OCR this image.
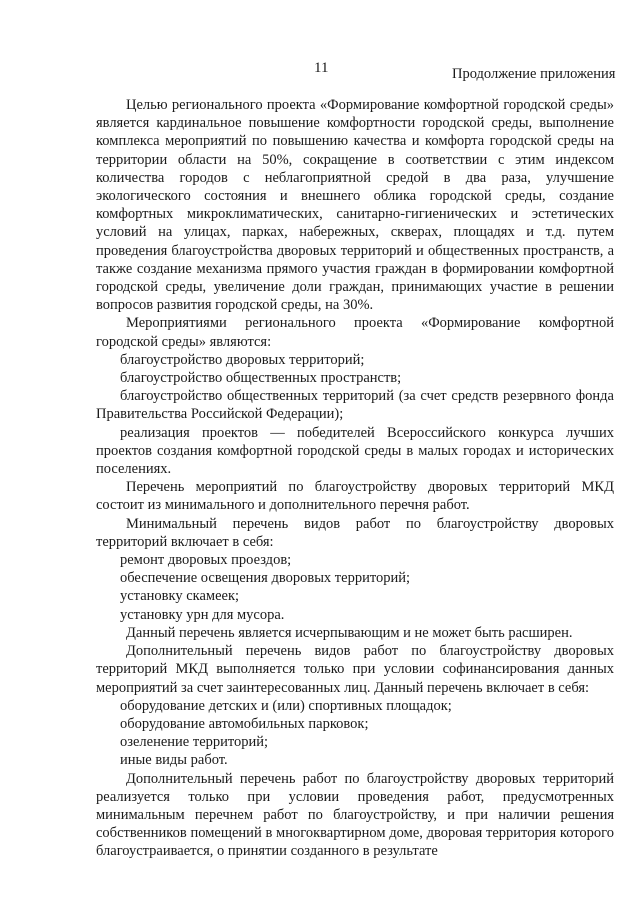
11	Продолжение приложения

Целью регионального проекта «Формирование комфортной городской среды» является кардинальное повышение комфортности городской среды, выполнение комплекса мероприятий по повышению качества и комфорта городской среды на территории области на 50%, сокращение в соответствии с этим индексом количества городов с неблагоприятной средой в два раза, улучшение экологического состояния и внешнего облика городской среды, создание комфортных микроклиматических, санитарно-гигиенических и эстетических условий на улицах, парках, набережных, скверах, площадях и т.д. путем проведения благоустройства дворовых территорий и общественных пространств, а также создание механизма прямого участия граждан в формировании комфортной городской среды, увеличение доли граждан, принимающих участие в решении вопросов развития городской среды, на 30%.

Мероприятиями регионального проекта «Формирование комфортной городской среды» являются:

благоустройство дворовых территорий;

благоустройство общественных пространств;

благоустройство общественных территорий (за счет средств резервного фонда Правительства Российской Федерации);

реализация проектов — победителей Всероссийского конкурса лучших проектов создания комфортной городской среды в малых городах и исторических поселениях.

Перечень мероприятий по благоустройству дворовых территорий МКД состоит из минимального и дополнительного перечня работ.

Минимальный перечень видов работ по благоустройству дворовых территорий включает в себя:

ремонт дворовых проездов;

обеспечение освещения дворовых территорий;

установку скамеек;

установку урн для мусора.

Данный перечень является исчерпывающим и не может быть расширен.

Дополнительный перечень видов работ по благоустройству дворовых территорий МКД выполняется только при условии софинансирования данных мероприятий за счет заинтересованных лиц. Данный перечень включает в себя:

оборудование детских и (или) спортивных площадок;

оборудование автомобильных парковок;

озеленение территорий;

иные виды работ.

Дополнительный перечень работ по благоустройству дворовых территорий реализуется только при условии проведения работ, предусмотренных минимальным перечнем работ по благоустройству, и при наличии решения собственников помещений в многоквартирном доме, дворовая территория которого благоустраивается, о принятии созданного в результате
